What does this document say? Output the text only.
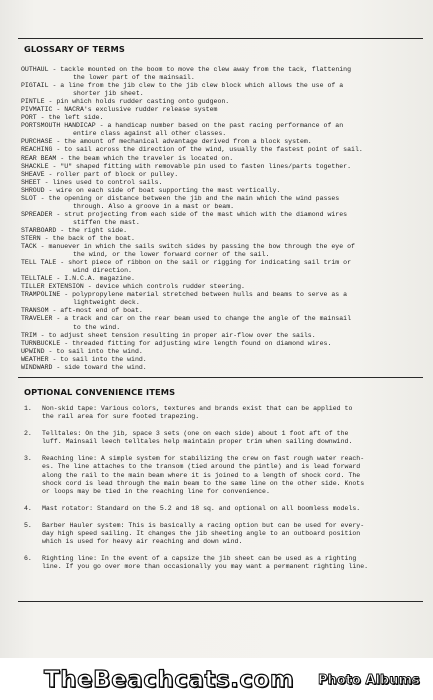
GLOSSARY OF TERMS
OUTHAUL - tackle mounted on the boom to move the clew away from the tack, flattening
the lower part of the mainsail.
PIGTAIL - a line from the jib clew to the jib clew block which allows the use of a
shorter jib sheet.
PINTLE - pin which holds rudder casting onto gudgeon.
PIVMATIC - NACRA's exclusive rudder release system
PORT - the left side.
PORTSMOUTH HANDICAP - a handicap number based on the past racing performance of an
entire class against all other classes.
PURCHASE - the amount of mechanical advantage derived from a block system.
REACHING - to sail across the direction of the wind, usually the fastest point of sail.
REAR BEAM - the beam which the traveler is located on.
SHACKLE - "U" shaped fitting with removable pin used to fasten lines/parts together.
SHEAVE - roller part of block or pulley.
SHEET - lines used to control sails.
SHROUD - wire on each side of boat supporting the mast vertically.
SLOT - the opening or distance between the jib and the main which the wind passes
through. Also a groove in a mast or beam.
SPREADER - strut projecting from each side of the mast which with the diamond wires
stiffen the mast.
STARBOARD - the right side.
STERN - the back of the boat.
TACK - manuever in which the sails switch sides by passing the bow through the eye of
the wind, or the lower forward corner of the sail.
TELL TALE - short piece of ribbon on the sail or rigging for indicating sail trim or
wind direction.
TELLTALE - I.N.C.A. magazine.
TILLER EXTENSION - device which controls rudder steering.
TRAMPOLINE - polypropylene material stretched between hulls and beams to serve as a
lightweight deck.
TRANSOM - aft-most end of boat.
TRAVELER - a track and car on the rear beam used to change the angle of the mainsail
to the wind.
TRIM - to adjust sheet tension resulting in proper air-flow over the sails.
TURNBUCKLE - threaded fitting for adjusting wire length found on diamond wires.
UPWIND - to sail into the wind.
WEATHER - to sail into the wind.
WINDWARD - side toward the wind.
OPTIONAL CONVENIENCE ITEMS
1.	Non-skid tape: Various colors, textures and brands exist that can be applied to
the rail area for sure footed trapezing.
2.	Telltales: On the jib, space 3 sets (one on each side) about 1 foot aft of the
luff. Mainsail leech telltales help maintain proper trim when sailing downwind.
3.	Reaching line: A simple system for stabilizing the crew on fast rough water reach-
es. The line attaches to the transom (tied around the pintle) and is lead forward
along the rail to the main beam where it is joined to a length of shock cord. The
shock cord is lead through the main beam to the same line on the other side. Knots
or loops may be tied in the reaching line for convenience.
4.	Mast rotator: Standard on the 5.2 and 18 sq. and optional on all boomless models.
5.	Barber Hauler system: This is basically a racing option but can be used for every-
day high speed sailing. It changes the jib sheeting angle to an outboard position
which is used for heavy air reaching and down wind.
6.	Righting line: In the event of a capsize the jib sheet can be used as a righting
line. If you go over more than occasionally you may want a permanent righting line.
TheBeachcats.com Photo Albums
